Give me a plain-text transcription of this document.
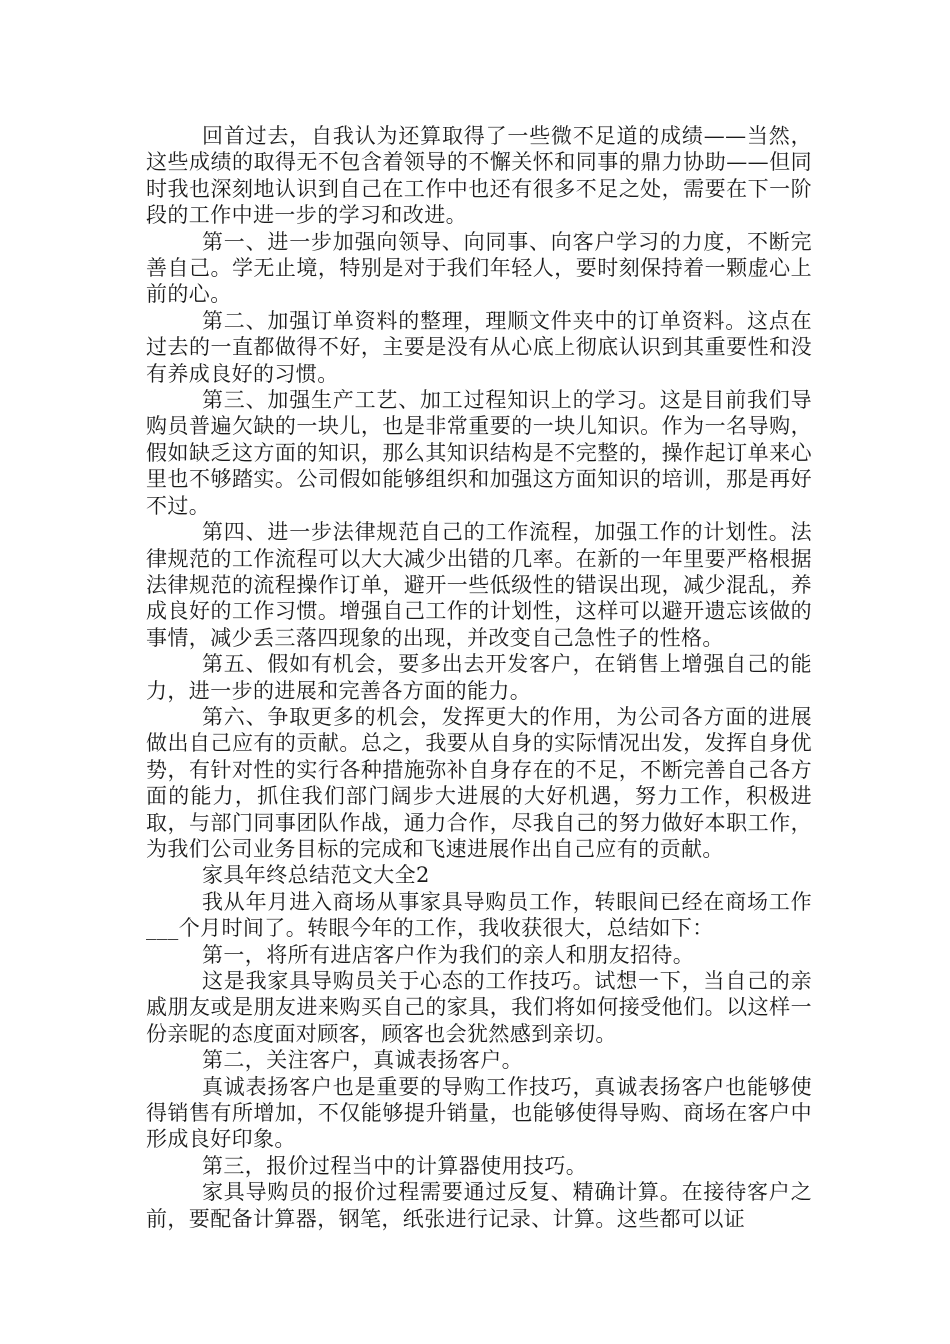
回首过去，自我认为还算取得了一些微不足道的成绩——当然，这些成绩的取得无不包含着领导的不懈关怀和同事的鼎力协助——但同时我也深刻地认识到自己在工作中也还有很多不足之处，需要在下一阶段的工作中进一步的学习和改进。

第一、进一步加强向领导、向同事、向客户学习的力度，不断完善自己。学无止境，特别是对于我们年轻人，要时刻保持着一颗虚心上前的心。

第二、加强订单资料的整理，理顺文件夹中的订单资料。这点在过去的一直都做得不好，主要是没有从心底上彻底认识到其重要性和没有养成良好的习惯。

第三、加强生产工艺、加工过程知识上的学习。这是目前我们导购员普遍欠缺的一块儿，也是非常重要的一块儿知识。作为一名导购，假如缺乏这方面的知识，那么其知识结构是不完整的，操作起订单来心里也不够踏实。公司假如能够组织和加强这方面知识的培训，那是再好不过。

第四、进一步法律规范自己的工作流程，加强工作的计划性。法律规范的工作流程可以大大减少出错的几率。在新的一年里要严格根据法律规范的流程操作订单，避开一些低级性的错误出现，减少混乱，养成良好的工作习惯。增强自己工作的计划性，这样可以避开遗忘该做的事情，减少丢三落四现象的出现，并改变自己急性子的性格。

第五、假如有机会，要多出去开发客户，在销售上增强自己的能力，进一步的进展和完善各方面的能力。

第六、争取更多的机会，发挥更大的作用，为公司各方面的进展做出自己应有的贡献。总之，我要从自身的实际情况出发，发挥自身优势，有针对性的实行各种措施弥补自身存在的不足，不断完善自己各方面的能力，抓住我们部门阔步大进展的大好机遇，努力工作，积极进取，与部门同事团队作战，通力合作，尽我自己的努力做好本职工作，为我们公司业务目标的完成和飞速进展作出自己应有的贡献。

家具年终总结范文大全2

我从年月进入商场从事家具导购员工作，转眼间已经在商场工作___个月时间了。转眼今年的工作，我收获很大，总结如下：

第一，将所有进店客户作为我们的亲人和朋友招待。

这是我家具导购员关于心态的工作技巧。试想一下，当自己的亲戚朋友或是朋友进来购买自己的家具，我们将如何接受他们。以这样一份亲昵的态度面对顾客，顾客也会犹然感到亲切。

第二，关注客户，真诚表扬客户。

真诚表扬客户也是重要的导购工作技巧，真诚表扬客户也能够使得销售有所增加，不仅能够提升销量，也能够使得导购、商场在客户中形成良好印象。

第三，报价过程当中的计算器使用技巧。

家具导购员的报价过程需要通过反复、精确计算。在接待客户之前，要配备计算器，钢笔，纸张进行记录、计算。这些都可以证
